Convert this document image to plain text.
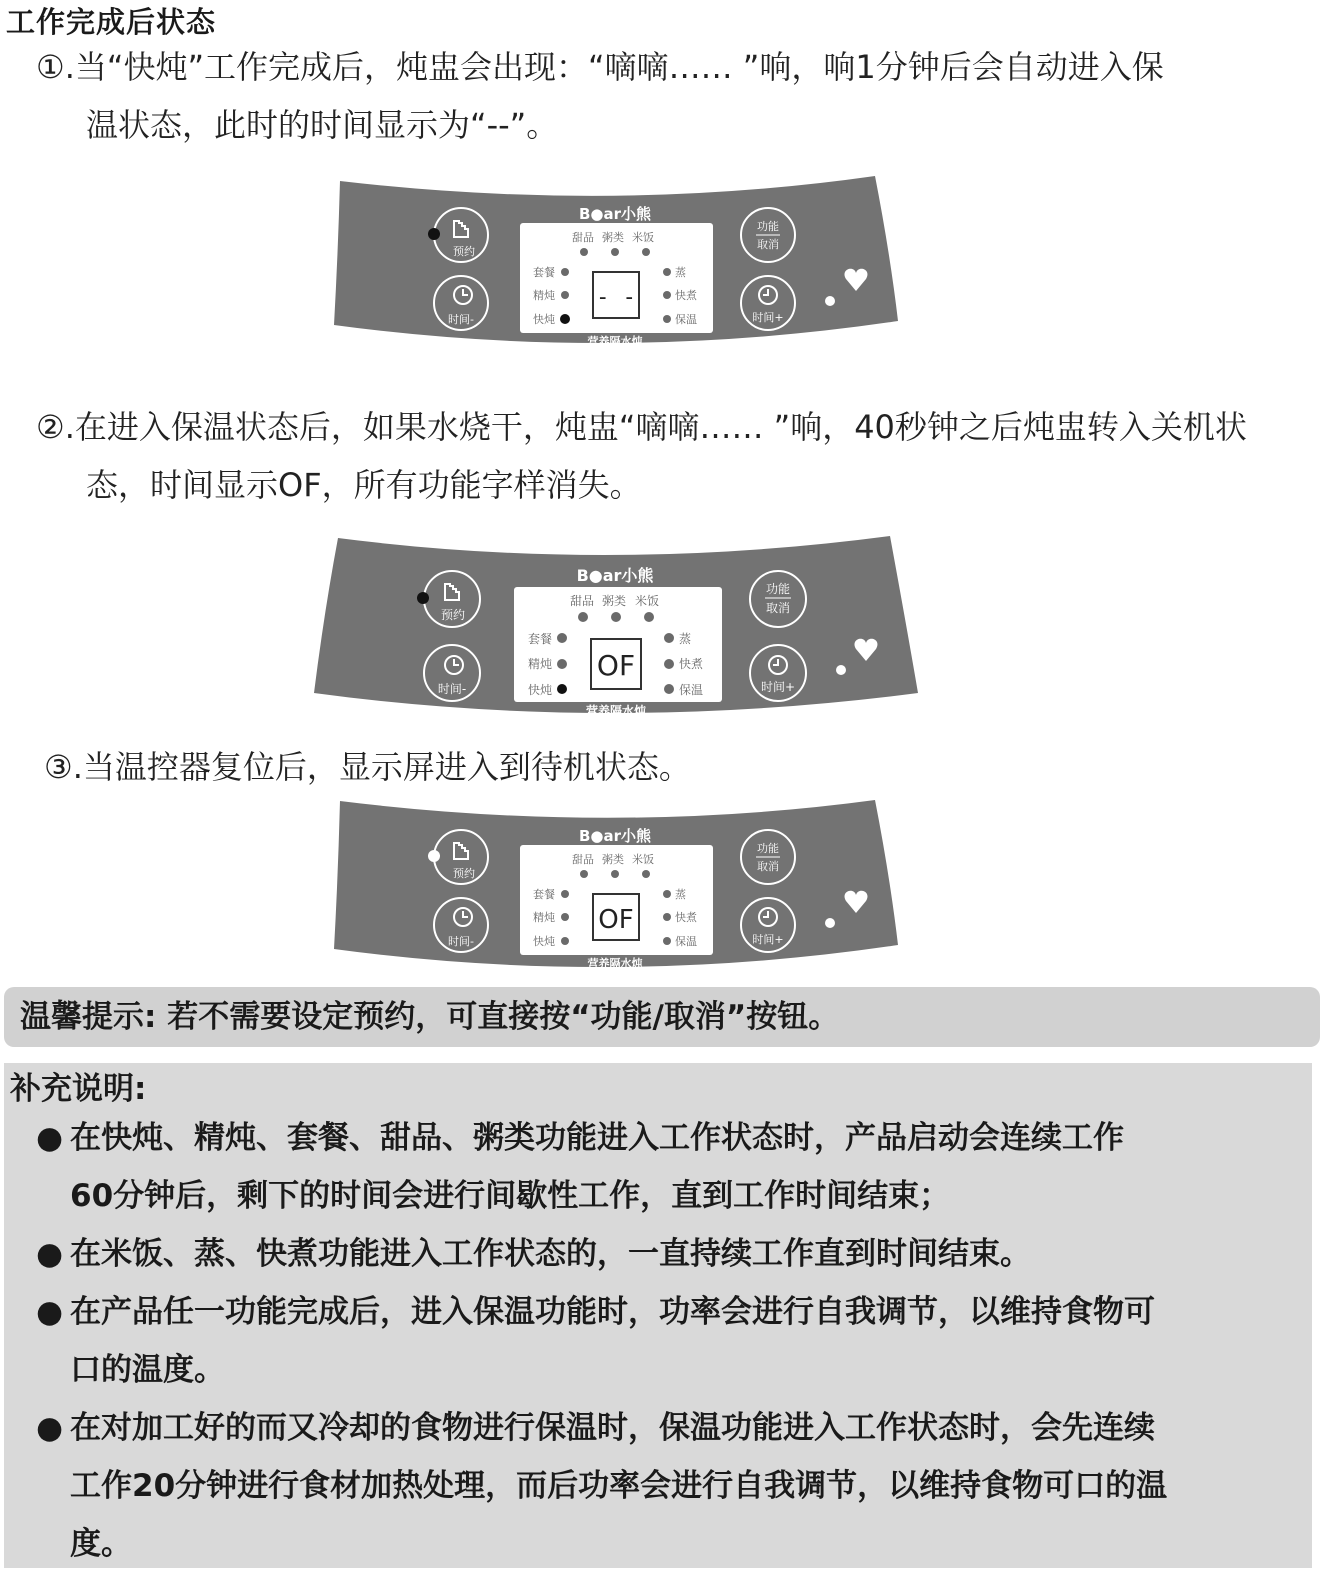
工作完成后状态
①.当“快炖”工作完成后，炖盅会出现：“嘀嘀…… ”响，响1分钟后会自动进入保
温状态，此时的时间显示为“--”。
B●ar小熊
预约
时间-
功能
取消
时间+
甜品 粥类 米饭
套餐
精炖
快炖
蒸
快煮
保温
- -
营养隔水炖
②.在进入保温状态后，如果水烧干，炖盅“嘀嘀…… ”响，40秒钟之后炖盅转入关机状
态，时间显示OF，所有功能字样消失。
B●ar小熊
预约
时间-
功能
取消
时间+
甜品 粥类 米饭
套餐
精炖
快炖
蒸
快煮
保温
OF
营养隔水炖
③.当温控器复位后，显示屏进入到待机状态。
B●ar小熊
预约
时间-
功能
取消
时间+
甜品 粥类 米饭
套餐
精炖
快炖
蒸
快煮
保温
OF
营养隔水炖
温馨提示: 若不需要设定预约，可直接按“功能/取消”按钮。
补充说明:
● 在快炖、精炖、套餐、甜品、粥类功能进入工作状态时，产品启动会连续工作
60分钟后，剩下的时间会进行间歇性工作，直到工作时间结束；
● 在米饭、蒸、快煮功能进入工作状态的，一直持续工作直到时间结束。
● 在产品任一功能完成后，进入保温功能时，功率会进行自我调节，以维持食物可
口的温度。
● 在对加工好的而又冷却的食物进行保温时，保温功能进入工作状态时，会先连续
工作20分钟进行食材加热处理，而后功率会进行自我调节，以维持食物可口的温
度。
